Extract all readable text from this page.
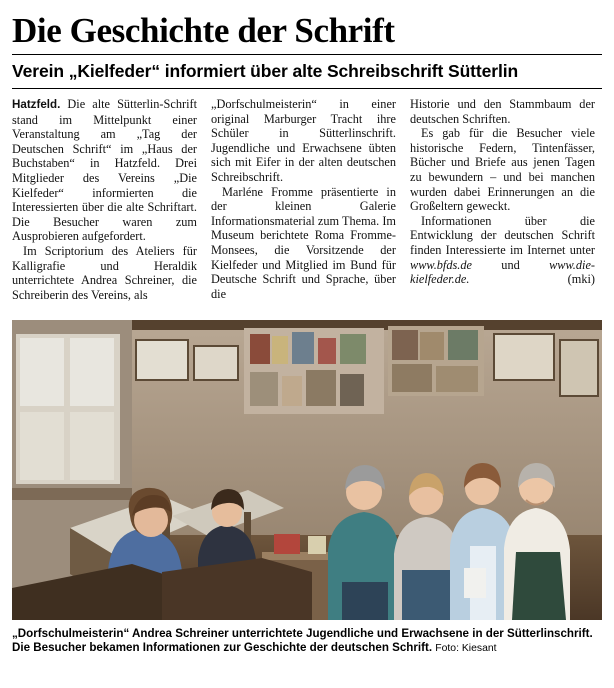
Die Geschichte der Schrift
Verein „Kielfeder“ informiert über alte Schreibschrift Sütterlin

Hatzfeld. Die alte Sütterlin-Schrift stand im Mittelpunkt einer Veranstaltung am „Tag der Deutschen Schrift“ im „Haus der Buchstaben“ in Hatzfeld. Drei Mitglieder des Vereins „Die Kielfeder“ informierten die Interessierten über die alte Schriftart. Die Besucher waren zum Ausprobieren aufgefordert.

Im Scriptorium des Ateliers für Kalligrafie und Heraldik unterrichtete Andrea Schreiner, die Schreiberin des Vereins, als

„Dorfschulmeisterin“ in einer original Marburger Tracht ihre Schüler in Sütterlinschrift. Jugendliche und Erwachsene übten sich mit Eifer in der alten deutschen Schreibschrift.

Marléne Fromme präsentierte in der kleinen Galerie Informationsmaterial zum Thema. Im Museum berichtete Roma Fromme-Monsees, die Vorsitzende der Kielfeder und Mitglied im Bund für Deutsche Schrift und Sprache, über die

Historie und den Stammbaum der deutschen Schriften.

Es gab für die Besucher viele historische Federn, Tintenfässer, Bücher und Briefe aus jenen Tagen zu bewundern – und bei manchen wurden dabei Erinnerungen an die Großeltern geweckt.

Informationen über die Entwicklung der deutschen Schrift finden Interessierte im Internet unter www.bfds.de und www.die-kielfeder.de.	(mki)

„Dorfschulmeisterin“ Andrea Schreiner unterrichtete Jugendliche und Erwachsene in der Sütterlinschrift. Die Besucher bekamen Informationen zur Geschichte der deutschen Schrift. Foto: Kiesant
